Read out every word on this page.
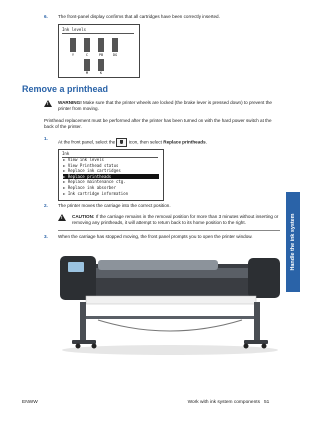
6. The front-panel display confirms that all cartridges have been correctly inserted.
Ink levels
Y	C	PB	DG
M	K
Remove a printhead
!
WARNING! Make sure that the printer wheels are locked (the brake lever is pressed down) to prevent the printer from moving.
Printhead replacement must be performed after the printer has been turned on with the hard power switch at the back of the printer.
1.
At the front panel, select the	icon, then select Replace printheads.
Ink
► View ink levels
► View Printhead status
► Replace ink cartridges
► Replace printheads
► Replace maintenance ctg.
► Replace ink absorber
► Ink cartridge information
2. The printer moves the carriage into the correct position.
!
CAUTION: If the carriage remains in the removal position for more than 3 minutes without inserting or removing any printheads, it will attempt to return back to its home position to the right.
3. When the carriage has stopped moving, the front panel prompts you to open the printer window.	Handle the ink system
ENWW	Work with ink system components 51
